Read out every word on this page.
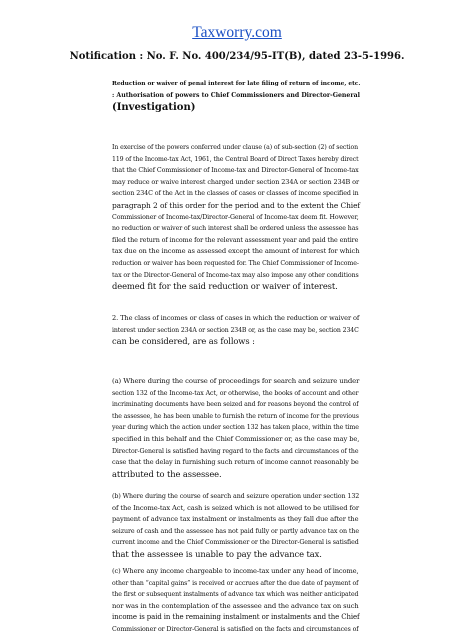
Taxworry.com
Notification : No. F. No. 400/234/95-IT(B), dated 23-5-1996.
Reduction or waiver of penal interest for late filing of return of income, etc.
: Authorisation of powers to Chief Commissioners and Director-General
(Investigation)
In exercise of the powers conferred under clause (a) of sub-section (2) of section
119 of the Income-tax Act, 1961, the Central Board of Direct Taxes hereby direct
that the Chief Commissioner of Income-tax and Director-General of Income-tax
may reduce or waive interest charged under section 234A or section 234B or
section 234C of the Act in the classes of cases or classes of income specified in
paragraph 2 of this order for the period and to the extent the Chief
Commissioner of Income-tax/Director-General of Income-tax deem fit. However,
no reduction or waiver of such interest shall be ordered unless the assessee has
filed the return of income for the relevant assessment year and paid the entire
tax due on the income as assessed except the amount of interest for which
reduction or waiver has been requested for. The Chief Commissioner of Income-
tax or the Director-General of Income-tax may also impose any other conditions
deemed fit for the said reduction or waiver of interest.
2. The class of incomes or class of cases in which the reduction or waiver of
interest under section 234A or section 234B or, as the case may be, section 234C
can be considered, are as follows :
(a) Where during the course of proceedings for search and seizure under
section 132 of the Income-tax Act, or otherwise, the books of account and other
incriminating documents have been seized and for reasons beyond the control of
the assessee, he has been unable to furnish the return of income for the previous
year during which the action under section 132 has taken place, within the time
specified in this behalf and the Chief Commissioner or, as the case may be,
Director-General is satisfied having regard to the facts and circumstances of the
case that the delay in furnishing such return of income cannot reasonably be
attributed to the assessee.
(b) Where during the course of search and seizure operation under section 132
of the Income-tax Act, cash is seized which is not allowed to be utilised for
payment of advance tax instalment or instalments as they fall due after the
seizure of cash and the assessee has not paid fully or partly advance tax on the
current income and the Chief Commissioner or the Director-General is satisfied
that the assessee is unable to pay the advance tax.
(c) Where any income chargeable to income-tax under any head of income,
other than “capital gains” is received or accrues after the due date of payment of
the first or subsequent instalments of advance tax which was neither anticipated
nor was in the contemplation of the assessee and the advance tax on such
income is paid in the remaining instalment or instalments and the Chief
Commissioner or Director-General is satisfied on the facts and circumstances of
